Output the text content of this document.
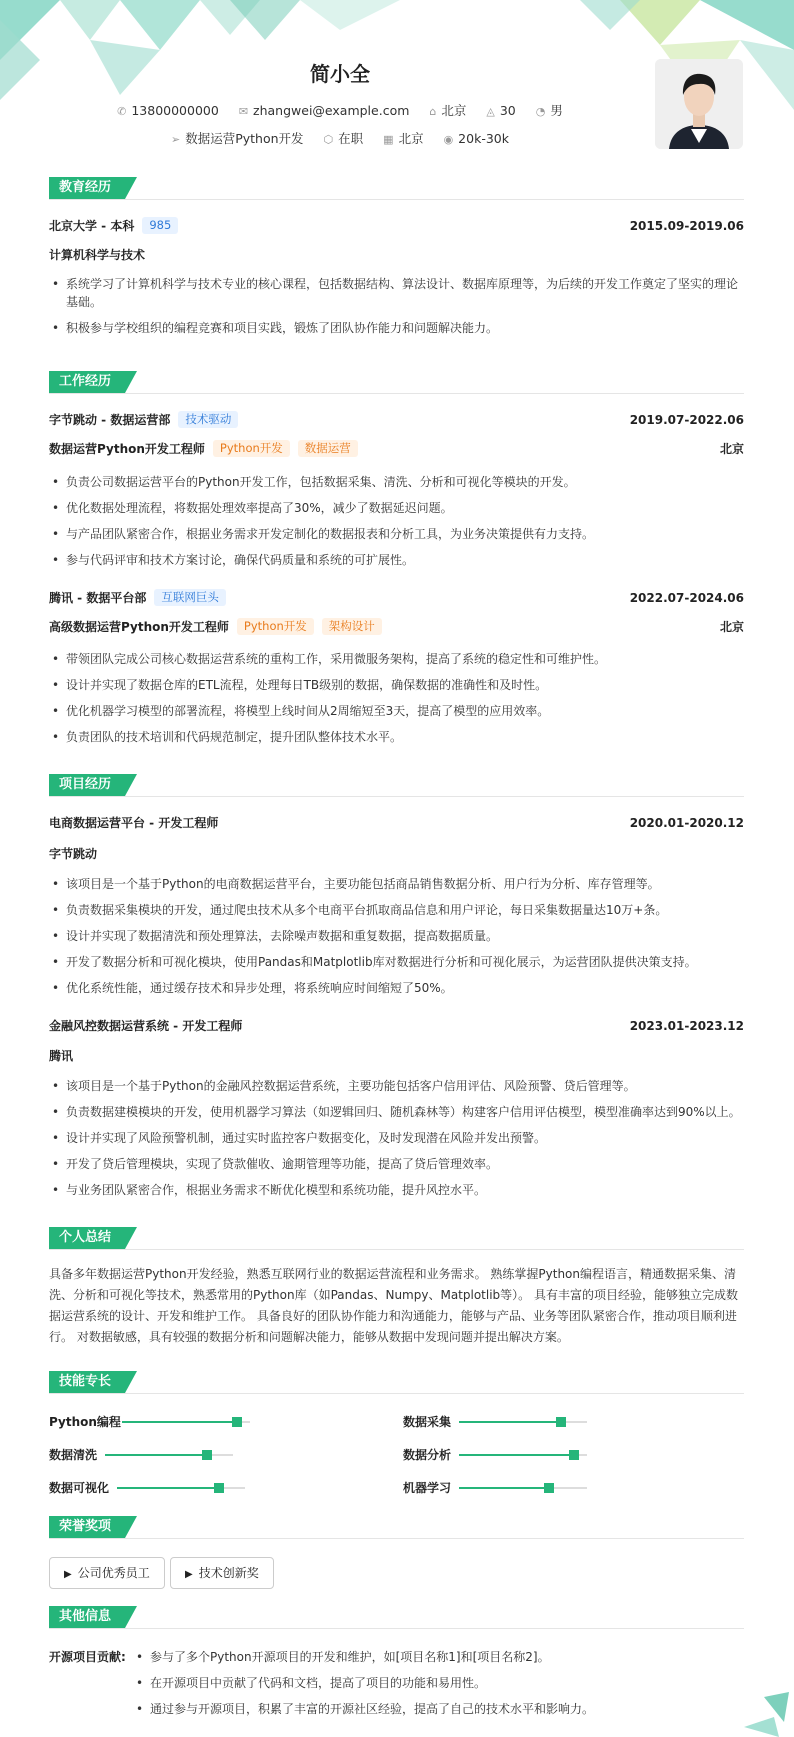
简小全
✆ 13800000000 ✉ zhangwei@example.com ⌂ 北京 ◬ 30 ◔ 男
➢ 数据运营Python开发 ⬡ 在职 ▦ 北京 ◉ 20k-30k
教育经历
北京大学 - 本科 985	2015.09-2019.06
计算机科学与技术
• 系统学习了计算机科学与技术专业的核心课程，包括数据结构、算法设计、数据库原理等，为后续的开发工作奠定了坚实的理论基础。
• 积极参与学校组织的编程竞赛和项目实践，锻炼了团队协作能力和问题解决能力。
工作经历
字节跳动 - 数据运营部 技术驱动	2019.07-2022.06
数据运营Python开发工程师 Python开发 数据运营	北京
• 负责公司数据运营平台的Python开发工作，包括数据采集、清洗、分析和可视化等模块的开发。
• 优化数据处理流程，将数据处理效率提高了30%，减少了数据延迟问题。
• 与产品团队紧密合作，根据业务需求开发定制化的数据报表和分析工具，为业务决策提供有力支持。
• 参与代码评审和技术方案讨论，确保代码质量和系统的可扩展性。
腾讯 - 数据平台部 互联网巨头	2022.07-2024.06
高级数据运营Python开发工程师 Python开发 架构设计	北京
• 带领团队完成公司核心数据运营系统的重构工作，采用微服务架构，提高了系统的稳定性和可维护性。
• 设计并实现了数据仓库的ETL流程，处理每日TB级别的数据，确保数据的准确性和及时性。
• 优化机器学习模型的部署流程，将模型上线时间从2周缩短至3天，提高了模型的应用效率。
• 负责团队的技术培训和代码规范制定，提升团队整体技术水平。
项目经历
电商数据运营平台 - 开发工程师	2020.01-2020.12
字节跳动
• 该项目是一个基于Python的电商数据运营平台，主要功能包括商品销售数据分析、用户行为分析、库存管理等。
• 负责数据采集模块的开发，通过爬虫技术从多个电商平台抓取商品信息和用户评论，每日采集数据量达10万+条。
• 设计并实现了数据清洗和预处理算法，去除噪声数据和重复数据，提高数据质量。
• 开发了数据分析和可视化模块，使用Pandas和Matplotlib库对数据进行分析和可视化展示，为运营团队提供决策支持。
• 优化系统性能，通过缓存技术和异步处理，将系统响应时间缩短了50%。
金融风控数据运营系统 - 开发工程师	2023.01-2023.12
腾讯
• 该项目是一个基于Python的金融风控数据运营系统，主要功能包括客户信用评估、风险预警、贷后管理等。
• 负责数据建模模块的开发，使用机器学习算法（如逻辑回归、随机森林等）构建客户信用评估模型，模型准确率达到90%以上。
• 设计并实现了风险预警机制，通过实时监控客户数据变化，及时发现潜在风险并发出预警。
• 开发了贷后管理模块，实现了贷款催收、逾期管理等功能，提高了贷后管理效率。
• 与业务团队紧密合作，根据业务需求不断优化模型和系统功能，提升风控水平。
个人总结
具备多年数据运营Python开发经验，熟悉互联网行业的数据运营流程和业务需求。 熟练掌握Python编程语言，精通数据采集、清洗、分析和可视化等技术，熟悉常用的Python库（如Pandas、Numpy、Matplotlib等）。 具有丰富的项目经验，能够独立完成数据运营系统的设计、开发和维护工作。 具备良好的团队协作能力和沟通能力，能够与产品、业务等团队紧密合作，推动项目顺利进行。 对数据敏感，具有较强的数据分析和问题解决能力，能够从数据中发现问题并提出解决方案。
技能专长
Python编程	数据采集
数据清洗	数据分析
数据可视化	机器学习
荣誉奖项
▶ 公司优秀员工	▶ 技术创新奖
其他信息
开源项目贡献:
•	参与了多个Python开源项目的开发和维护，如[项目名称1]和[项目名称2]。
• 在开源项目中贡献了代码和文档，提高了项目的功能和易用性。
• 通过参与开源项目，积累了丰富的开源社区经验，提高了自己的技术水平和影响力。
